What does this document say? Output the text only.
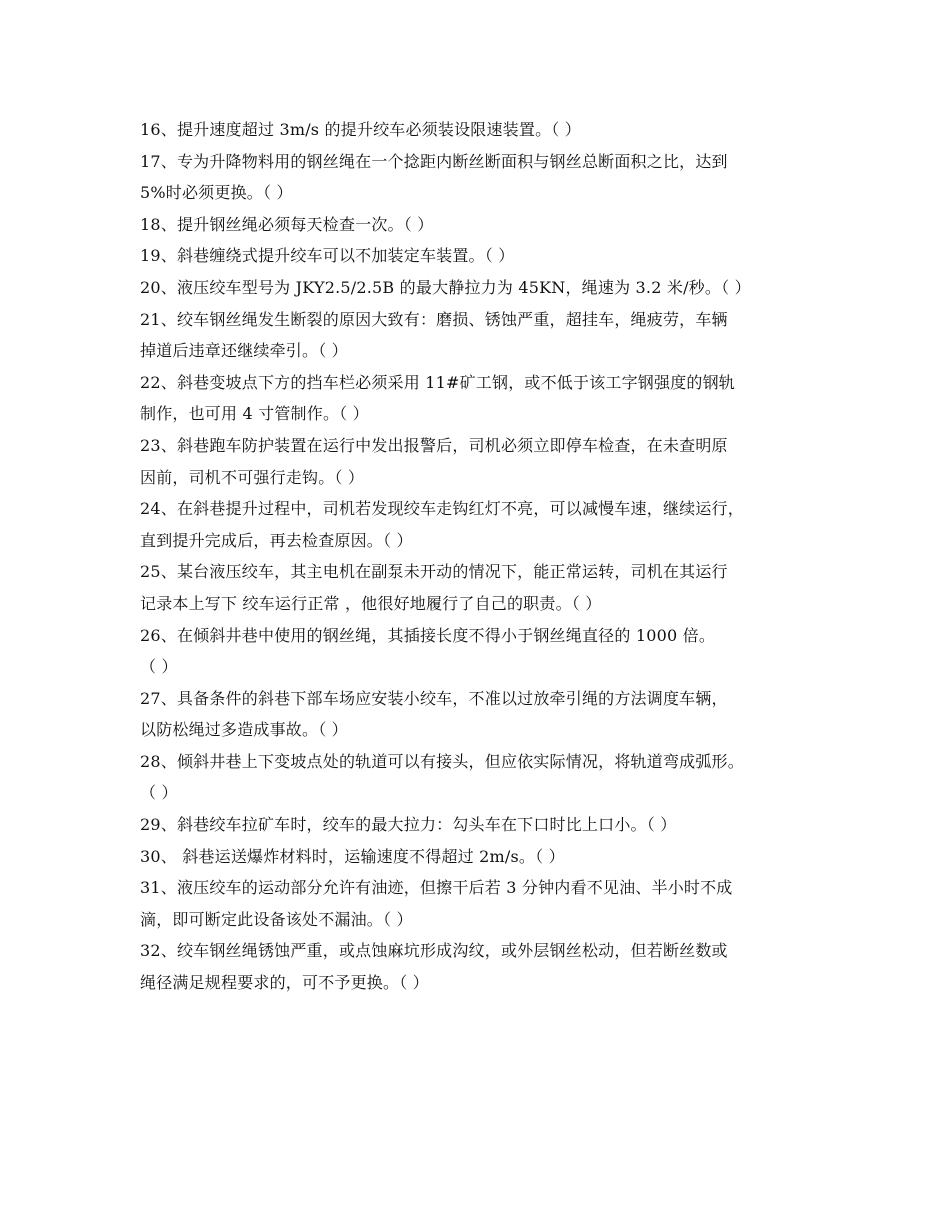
16、提升速度超过 3m/s 的提升绞车必须装设限速装置。（ ）
17、专为升降物料用的钢丝绳在一个捻距内断丝断面积与钢丝总断面积之比，达到
5%时必须更换。（ ）
18、提升钢丝绳必须每天检查一次。（ ）
19、斜巷缠绕式提升绞车可以不加装定车装置。（ ）
20、液压绞车型号为 JKY2.5/2.5B 的最大静拉力为 45KN，绳速为 3.2 米/秒。（ ）
21、绞车钢丝绳发生断裂的原因大致有：磨损、锈蚀严重，超挂车，绳疲劳，车辆
掉道后违章还继续牵引。（ ）
22、斜巷变坡点下方的挡车栏必须采用 11#矿工钢，或不低于该工字钢强度的钢轨
制作，也可用 4 寸管制作。（ ）
23、斜巷跑车防护装置在运行中发出报警后，司机必须立即停车检查，在未查明原
因前，司机不可强行走钩。（ ）
24、在斜巷提升过程中，司机若发现绞车走钩红灯不亮，可以减慢车速，继续运行，
直到提升完成后，再去检查原因。（ ）
25、某台液压绞车，其主电机在副泵未开动的情况下，能正常运转，司机在其运行
记录本上写下 绞车运行正常 ，他很好地履行了自己的职责。（ ）
26、在倾斜井巷中使用的钢丝绳，其插接长度不得小于钢丝绳直径的 1000 倍。
（ ）
27、具备条件的斜巷下部车场应安装小绞车，不准以过放牵引绳的方法调度车辆，
以防松绳过多造成事故。（ ）
28、倾斜井巷上下变坡点处的轨道可以有接头，但应依实际情况，将轨道弯成弧形。
（ ）
29、斜巷绞车拉矿车时，绞车的最大拉力：勾头车在下口时比上口小。（ ）
30、 斜巷运送爆炸材料时，运输速度不得超过 2m/s。（ ）
31、液压绞车的运动部分允许有油迹，但擦干后若 3 分钟内看不见油、半小时不成
滴，即可断定此设备该处不漏油。（ ）
32、绞车钢丝绳锈蚀严重，或点蚀麻坑形成沟纹，或外层钢丝松动，但若断丝数或
绳径满足规程要求的，可不予更换。（ ）
